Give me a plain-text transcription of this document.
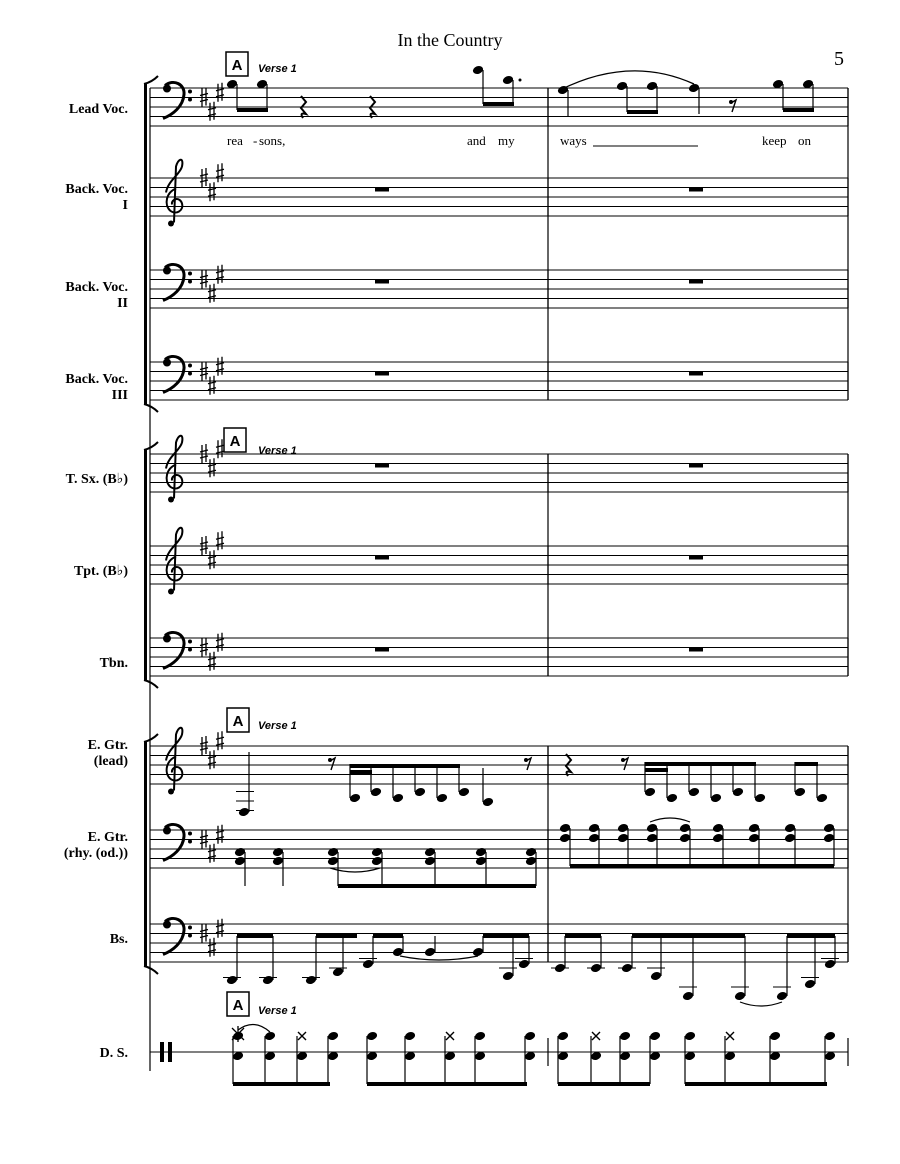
In the Country
5
Lead Voc.
Back. Voc.
I
Back. Voc.
II
Back. Voc.
III
T. Sx. (B♭)
Tpt. (B♭)
Tbn.
E. Gtr.
(lead)
E. Gtr.
(rhy. (od.))
Bs.
D. S.
rea - sons,	and my	ways	keep on
A Verse 1
A
Verse 1
A Verse 1
A Verse 1
